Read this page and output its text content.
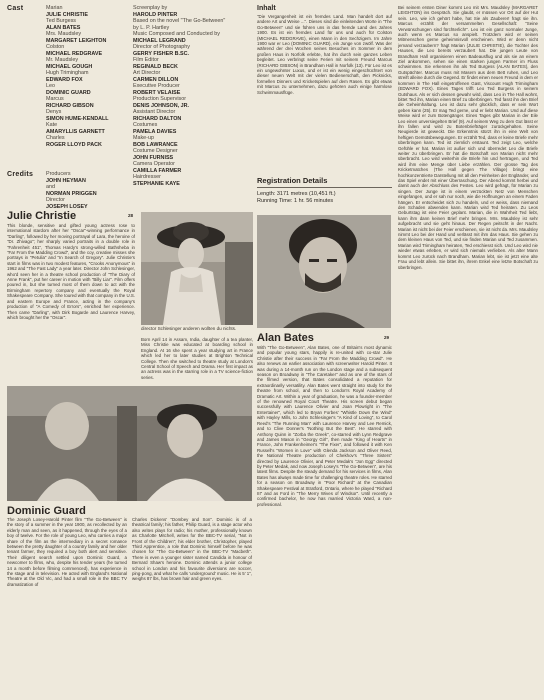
Cast	Marian
JULIE CHRISTIE
Ted Burgess
ALAN BATES
Mrs. Maudsley
MARGARET LEIGHTON
Colston
MICHAEL REDGRAVE
Mr. Maudsley
MICHAEL GOUGH
Hugh Trimingham
EDWARD FOX
Leo
DOMINIC GUARD
Marcus
RICHARD GIBSON
Denys
SIMON HUME-KENDALL
Kate
AMARYLLIS GARNETT
Charles
ROGER LLOYD PACK
Credits Producers
JOHN HEYMAN
and
NORMAN PRIGGEN
Director
JOSEPH LOSEY
Screenplay by
HAROLD PINTER
Based on the novel "The Go-Between"
by L. P. Hartley
Music Composed and Conducted by
MICHAEL LEGRAND
Director of Photography
GERRY FISHER B.SC.
Film Editor
REGINALD BECK
Art Director
CARMEN DILLON
Executive Producer
ROBERT VELAISE
Production Supervisor
DENIS JOHNSON, JR.
Assistant Director
RICHARD DALTON
Costumes
PAMELA DAVIES
Make-up
BOB LAWRANCE
Costume Designer
JOHN FURNISS
Camera Operator
CAMILLA FARMER
Hairdresser
STEPHANIE KAYE
Inhalt
"Die Vergangenheit ist ein fremdes Land. Man handelt dort auf andere Art und Weise ...". Dieses sind die einleitenden Worte in "The Go-Between" und sie führen uns in das fremde Land des Jahres 1900. Es ist ein fremdes Land für uns und auch für Colston (MICHAEL REDGRAVE), einen Mann in den Sechzigern. Im Jahre 1900 war er Leo (DOMINIC GUARD), ein Junge von zwölf. Was der während der drei Wochen seines Besuches im Sommer in dem großen Haus in Norfolk erlebte, hat ihn durch sein ganzes Leben begleitet. Leo verbringt seine Ferien mit seinem Freund Marcus (RICHARD GIBSON) in Brandham Hall in Norfolk (13). Für Leo ist es ein ungewohnter Luxus, und er ist ein wenig eingeschüchtert von dieser neuen Welt mit der vielen Bedienerschaft, den Picknicks, formellen Dinners und Kricketspielen auf dem Rasen. Es gibt etwas mit Marcus zu unternehmen, dazu gehören auch einige harmlose Schwimmausflüge.
Registration Details
Length: 3171 metres (10,451 ft.)
Running Time: 1 hr. 56 minutes
Bei seinem ersten Diner kommt Leo mit Mrs. Maudsley (MARGARET LEIGHTON) ins Gespräch. Sie glaubt, er müssen vor Ort auf der Hut sein. Leo, wie ich gehört habe, hat Sie als Zauberer! fragt sie ihn. Marcus erzählt der versammelten Gesellschaft: "Seine Verwünschungen sind fürchterlich!". Leo ist ein ganz normaler Junge, auch wenn es Marcus so anspielt. Trotzdem wird er seinen Mitmenschen gerne geheimnisvoll erscheinen. Wird er denn nicht jemand verzaubern? fragt Marian (JULIE CHRISTIE), die Tochter des Hauses, die Leo bereits verzaubert hat. Die jungen Leute von Brandham Hall organisieren einen Badeausflug und als sie an einem Ziel ankommen, sehen sie einen starken jungen Farmer im Fluss schwimmen. Sie erkennen ihn als Ted Burgess (ALAN BATES), den Gutspächter. Marcus muss mit Masern aus dem Bett ruhen, und Leo streift alleine durch die Gegend. Er findet einen neuen Freund in dem er kommen in The Hall eingetroffenen Gast, Viscount Hugh Trimingham (EDWARD FOX). Eines Tages trifft Leo Ted Burgess in seinem Gutshaus. Als er sich dessen gewahr wird, dass Leo in The Hall wohnt, bittet Ted ihn, Marian einen Brief zu überbringen. Ted fasst ihn den Brief die Geheimhaltung. Leo ist dazu sehr glücklich, dass er sein Wort geben kann (25). Er mag Ted gerne, und er liebt Marian. Und auf diese Weise wird er zum Botengänger. Eines Tages gibt Marian in der Eile Leo einen unversiegelten Brief (9). Auf seinem Weg zu dem Gut lässt er ihn fallen und wird zu Botenbriefträger zurückgehalten. Seine Neugierde ist geweckt. Die Erkenntnis stürzt ihn in eine Welt von heftigen Gemütsbewegungen. Er erzählt Ted, dass er keine Briefe mehr überbringen kann. Ted ist ziemlich erstaunt. Ted zeigt Leo, welche Gefühle er hat. Marian ist außer sich und überredet Leo die Briefe weiter zu überbringen. Er hat die Botschaft von Marian nicht mehr überbracht. Leo wird weiterhin die Briefe hin und hertragen, und Ted wird ihm eine Menge über Liebe erzählen. Der grosse Tag des Kricketmatches (The Hall gegen The Village) bringt eine hochkonzentrierte Darstellung mit all den Feinheiten der Engländer, und das Spiel endet mit einer Überraschung. Der Abend kommt herbei und damit auch der Abschluss des Festes. Leo wird gefragt, für Marian zu singen. Der Junge ist in einem verzückten Netz von Menschen eingefangen, und er sah nur noch, wie die Hoffnungen an einem Faden hängen. Er entscheidet sich zu handeln, und er weiss, dass niemand den Schaden abwenden kann. Marian wird Ted heiraten. Zu Leos Geburtstag ist eine Feier geplant. Marian, die in Wahrheit Ted liebt, kann ihm dann keinen Brief mehr bringen. Mrs. Maudsley ist sehr aufgebracht und sie geht hinaus. Der Regen peitscht in der Nacht. Marian ist nicht bei der Feier erschienen, sie ist nicht da. Mrs. Maudsley nimmt Leo bei der Hand und verlässt mit ihm das Haus. Sie gehen zu dem kleinen Haus von Ted, und sie finden Marian und Ted zusammen. Marian wird Trimingham heiraten, Ted erschiesst sich. Und Leo wird nie wieder etwas erleben, er wird sich niemals verlieben. Als alter Mann kommt Leo zurück nach Brandham. Marian lebt, sie ist jetzt eine alte Frau und lebt allein. Sie bittet ihn, ihrem Enkel eine letzte Botschaft zu überbringen.
Julie Christie	28
This blonde, sensitive and gifted young actress rose to international stardom after her "Oscar"-winning performance in "Darling", followed by her moving portrayal of Lara, the heroine of "Dr. Zhivago"; her sharply varied portraits in a double role in "Fahrenheit 451", Thomas Hardy's strong-willed Bathsheba in "Far From the Madding Crowd", and the coy, creative misses she portrays in "Petulia" and "In Search of Gregory". Julie Christie's start in films was in two modest features, "Crooks Anonymous" in 1962 and "The Fast Lady" a year later. Director John Schlesinger, who'd seen her in a theatre school production of "The Diary of Anne Frank", put her career in motion with "Billy Liar". Film offers poured in, but she turned most of them down to act with the Birmingham repertory company and eventually the Royal Shakespeare Company. She toured with that company in the U.S. and eastern Europe and France, acting in the company's production of "A Comedy of Errors", enriched her experience. Then came "Darling", with Dirk Bogarde and Laurence Harvey, which brought her the "Oscar".
director Schlesinger anderen wollten du nichts.
Born April 14 in Assam, India, daughter of a tea planter, Miss Christie was educated at boarding school in England. At 16 she spent a year studying art in France which led her to later studies at Brighton Technical College. Then she switched to theatre study at London's Central School of Speech and Drama. Her first impact as an actress was in the starring role in a TV science-fiction series.
Alan Bates	29
With "The Go-Between", Alan Bates, one of Britain's most dynamic and popular young stars, happily is re-united with co-star Julie Christie after their success in "Far From the Madding Crowd". He also renews an earlier association with screenwriter Harold Pinter. It was during a 14-month run on the London stage and a subsequent season on Broadway in "The Caretaker" and as one of the stars of the filmed version, that Bates consolidated a reputation for extraordinarily versatility. Alan Bates went straight into study for the theatre from school, and then to London's Royal Academy of Dramatic Art. Within a year of graduation, he was a founder-member of the renowned Royal Court Theatre. His screen debut began successfully with Laurence Olivier and Joan Plowright in "The Entertainer", which led to Bryan Forbes' "Whistle Down the Wind" with Hayley Mills, to John Schlesinger's "A Kind of Loving", to Carol Reed's "The Running Man" with Laurence Harvey and Lee Remick, and to Clive Donner's "Nothing But the Best". He starred with Anthony Quinn in "Zorba the Greek", co-starred with Lynn Redgrave and James Mason in "Georgy Girl", then made "King of Hearts" in France, John Frankenheimer's "The Fixer", and followed it with Ken Russell's "Women in Love" with Glenda Jackson and Oliver Reed, the National Theatre production of Chekhov's "Three Sisters" directed by Laurence Olivier, and Peter Medak's "Jon Egg" directed by Peter Medak, and now Joseph Losey's "The Go-Between", are his latest films. Despite the steady demand for his services in films, Alan Bates has always made time for challenging theatre roles. He starred for a season on Broadway in "Poor Richard" at the Canadian Shakespeare Festival at Stratford, Ontario, where he played "Richard III" and as Ford in "The Merry Wives of Windsor". Until recently a confirmed bachelor, he now has married Victoria Ward, a non-professional.
Dominic Guard
The Joseph Losey-Harold Pinter film "The Go-Between" is the story of a summer in the year 1900, as recollected by an elderly man and seen, as it happened, through the eyes of a boy of twelve. For the role of young Leo, who carries a major share of the film as the intermediary in a secret romance between the pretty daughter of a country family and her older tenant farmer, they required a boy both alert and sensitive. Their diligent search settled upon Dominic Guard, a newcomer to films, who, despite his tender years (he turned 14 a month before filming commenced), has experience in the stage and in television. He acted with England's National Theatre at the Old Vic, and had a small role in the BBC TV dramatization of
Charles Dickens' "Dombey and Son". Dominic is of a theatrical family; his father, Philip Guard, is a stage actor who also writes plays for radio; his mother, professionally known as Charlotte Mitchell, writes for the BBC-TV serial, "Not in Front of the Children"; his elder brother, Christopher, played Third Apprentice, a role that Dominic himself before he was chosen for "The Go-Between" in the BBC-TV "Macbeth". There is even a younger sister named Candida in honour of Bernard Shaw's heroine. Dominic attends a junior college school in London and his favourite diversions are soccer, ping-pong, and what he calls 'underground' music. He is 5' 1", weighs 87 lbs, has brown hair and green eyes.
